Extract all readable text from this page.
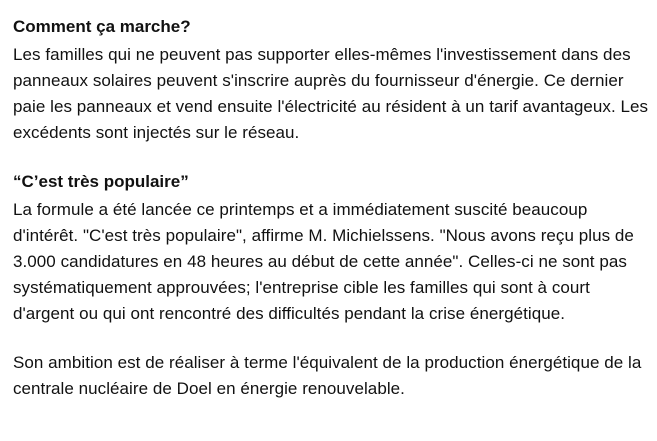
Comment ça marche?

Les familles qui ne peuvent pas supporter elles-mêmes l'investissement dans des panneaux solaires peuvent s'inscrire auprès du fournisseur d'énergie. Ce dernier paie les panneaux et vend ensuite l'électricité au résident à un tarif avantageux. Les excédents sont injectés sur le réseau.

“C’est très populaire”

La formule a été lancée ce printemps et a immédiatement suscité beaucoup d'intérêt. "C'est très populaire", affirme M. Michielssens. "Nous avons reçu plus de 3.000 candidatures en 48 heures au début de cette année". Celles-ci ne sont pas systématiquement approuvées; l'entreprise cible les familles qui sont à court d'argent ou qui ont rencontré des difficultés pendant la crise énergétique.

Son ambition est de réaliser à terme l'équivalent de la production énergétique de la centrale nucléaire de Doel en énergie renouvelable.
